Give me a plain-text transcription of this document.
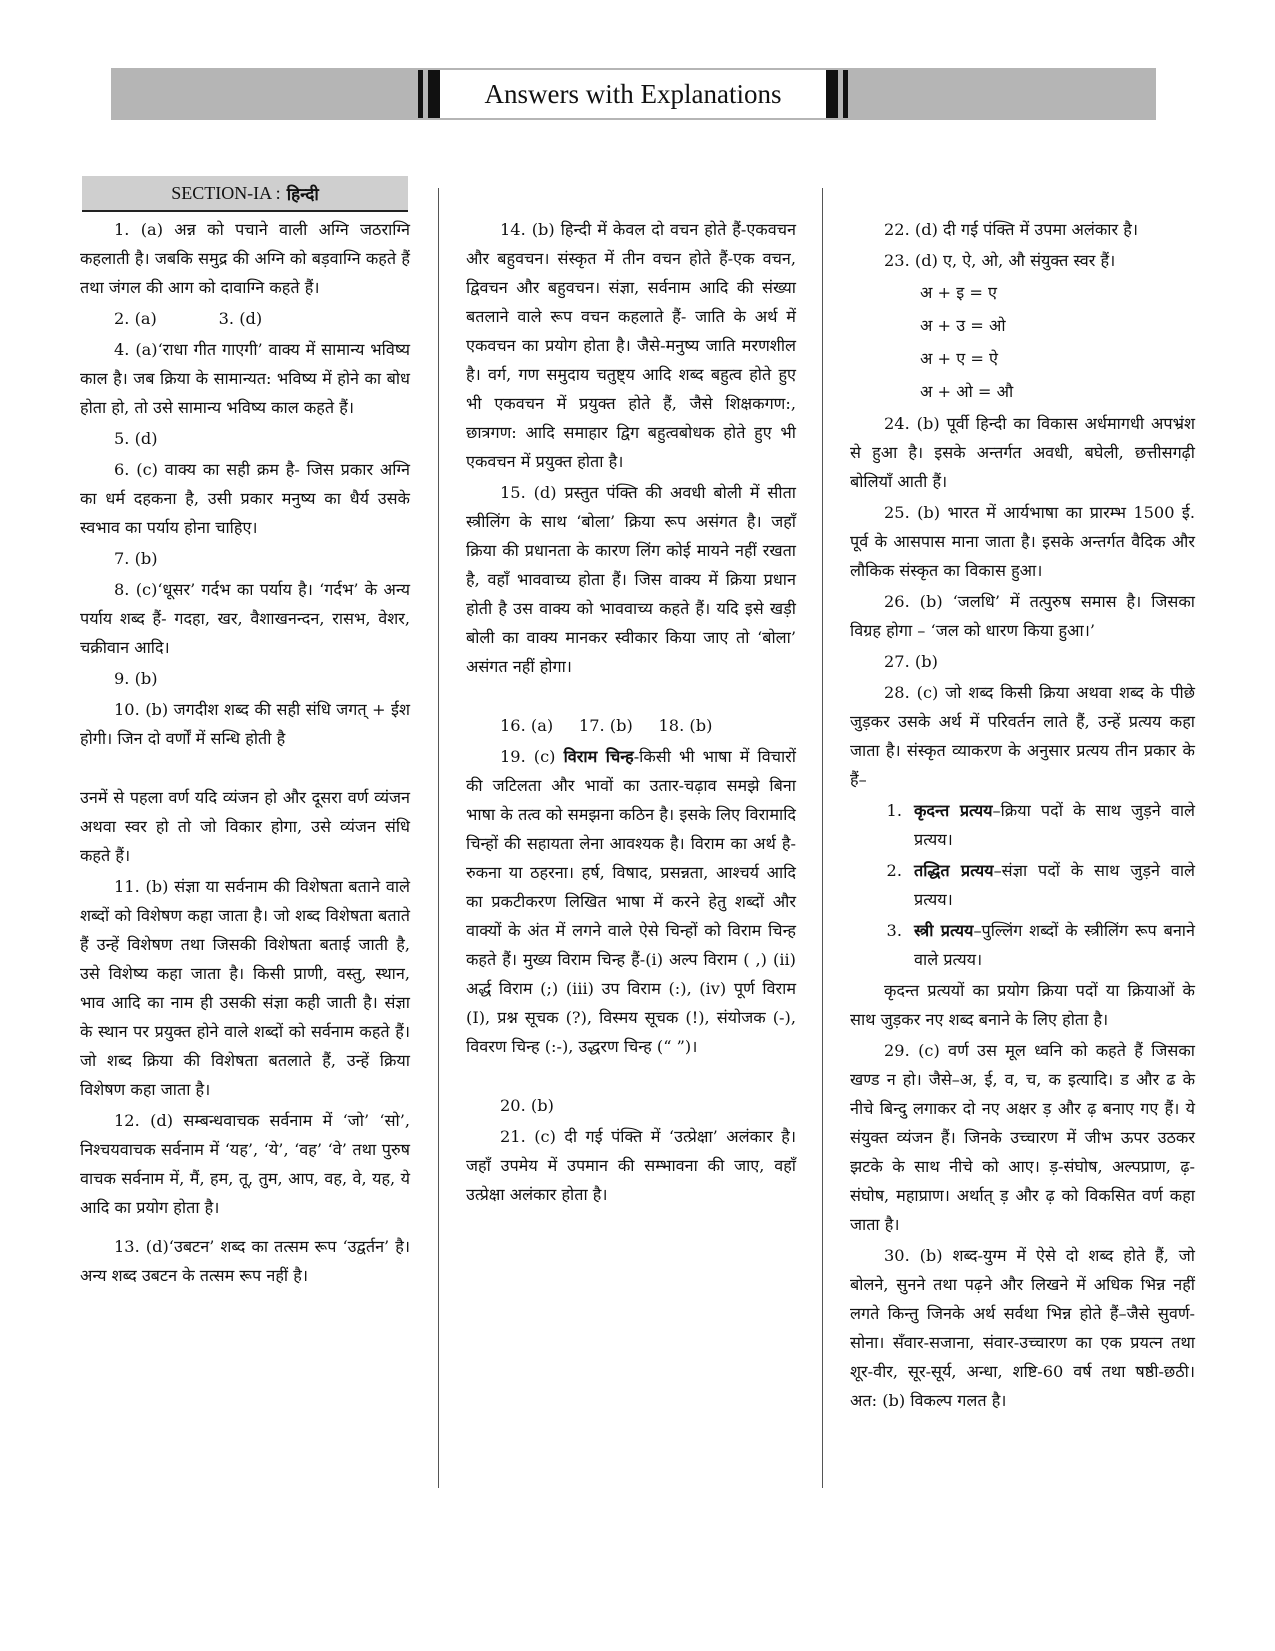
Answers with Explanations
SECTION-IA : हिन्दी

1. (a) अन्न को पचाने वाली अग्नि जठराग्नि कहलाती है। जबकि समुद्र की अग्नि को बड़वाग्नि कहते हैं तथा जंगल की आग को दावाग्नि कहते हैं।

2. (a)            3. (d)

4. (a)‘राधा गीत गाएगी’ वाक्य में सामान्य भविष्य काल है। जब क्रिया के सामान्यत: भविष्य में होने का बोध होता हो, तो उसे सामान्य भविष्य काल कहते हैं।

5. (d)

6. (c) वाक्य का सही क्रम है- जिस प्रकार अग्नि का धर्म दहकना है, उसी प्रकार मनुष्य का धैर्य उसके स्वभाव का पर्याय होना चाहिए।

7. (b)

8. (c)‘धूसर’ गर्दभ का पर्याय है। ‘गर्दभ’ के अन्य पर्याय शब्द हैं- गदहा, खर, वैशाखनन्दन, रासभ, वेशर, चक्रीवान आदि।

9. (b)

10. (b) जगदीश शब्द की सही संधि जगत् + ईश होगी। जिन दो वर्णों में सन्धि होती है

उनमें से पहला वर्ण यदि व्यंजन हो और दूसरा वर्ण व्यंजन अथवा स्वर हो तो जो विकार होगा, उसे व्यंजन संधि कहते हैं।

11. (b) संज्ञा या सर्वनाम की विशेषता बताने वाले शब्दों को विशेषण कहा जाता है। जो शब्द विशेषता बताते हैं उन्हें विशेषण तथा जिसकी विशेषता बताई जाती है, उसे विशेष्य कहा जाता है। किसी प्राणी, वस्तु, स्थान, भाव आदि का नाम ही उसकी संज्ञा कही जाती है। संज्ञा के स्थान पर प्रयुक्त होने वाले शब्दों को सर्वनाम कहते हैं। जो शब्द क्रिया की विशेषता बतलाते हैं, उन्हें क्रिया विशेषण कहा जाता है।

12. (d) सम्बन्धवाचक सर्वनाम में ‘जो’ ‘सो’, निश्चयवाचक सर्वनाम में ‘यह’, ‘ये’, ‘वह’ ‘वे’ तथा पुरुष वाचक सर्वनाम में, मैं, हम, तू, तुम, आप, वह, वे, यह, ये आदि का प्रयोग होता है।

13. (d)‘उबटन’ शब्द का तत्सम रूप ‘उद्वर्तन’ है। अन्य शब्द उबटन के तत्सम रूप नहीं है।

14. (b) हिन्दी में केवल दो वचन होते हैं-एकवचन और बहुवचन। संस्कृत में तीन वचन होते हैं-एक वचन, द्विवचन और बहुवचन। संज्ञा, सर्वनाम आदि की संख्या बतलाने वाले रूप वचन कहलाते हैं- जाति के अर्थ में एकवचन का प्रयोग होता है। जैसे-मनुष्य जाति मरणशील है। वर्ग, गण समुदाय चतुष्ट्य आदि शब्द बहुत्व होते हुए भी एकवचन में प्रयुक्त होते हैं, जैसे शिक्षकगण:, छात्रगण: आदि समाहार द्विग बहुत्वबोधक होते हुए भी एकवचन में प्रयुक्त होता है।

15. (d) प्रस्तुत पंक्ति की अवधी बोली में सीता स्त्रीलिंग के साथ ‘बोला’ क्रिया रूप असंगत है। जहाँ क्रिया की प्रधानता के कारण लिंग कोई मायने नहीं रखता है, वहाँ भाववाच्य होता हैं। जिस वाक्य में क्रिया प्रधान होती है उस वाक्य को भाववाच्य कहते हैं। यदि इसे खड़ी बोली का वाक्य मानकर स्वीकार किया जाए तो ‘बोला’ असंगत नहीं होगा।

16. (a)     17. (b)     18. (b)

19. (c) विराम चिन्ह-किसी भी भाषा में विचारों की जटिलता और भावों का उतार-चढ़ाव समझे बिना भाषा के तत्व को समझना कठिन है। इसके लिए विरामादि चिन्हों की सहायता लेना आवश्यक है। विराम का अर्थ है-रुकना या ठहरना। हर्ष, विषाद, प्रसन्नता, आश्चर्य आदि का प्रकटीकरण लिखित भाषा में करने हेतु शब्दों और वाक्यों के अंत में लगने वाले ऐसे चिन्हों को विराम चिन्ह कहते हैं। मुख्य विराम चिन्ह हैं-(i) अल्प विराम ( ,) (ii) अर्द्ध विराम (;) (iii) उप विराम (:), (iv) पूर्ण विराम (I), प्रश्न सूचक (?), विस्मय सूचक (!), संयोजक (-), विवरण चिन्ह (:-), उद्धरण चिन्ह (“ ”)।

20. (b)

21. (c) दी गई पंक्ति में ‘उत्प्रेक्षा’ अलंकार है। जहाँ उपमेय में उपमान की सम्भावना की जाए, वहाँ उत्प्रेक्षा अलंकार होता है।

22. (d) दी गई पंक्ति में उपमा अलंकार है।

23. (d) ए, ऐ, ओ, औ संयुक्त स्वर हैं।

अ + इ = ए

अ + उ = ओ

अ + ए = ऐ

अ + ओ = औ

24. (b) पूर्वी हिन्दी का विकास अर्धमागधी अपभ्रंश से हुआ है। इसके अन्तर्गत अवधी, बघेली, छत्तीसगढ़ी बोलियाँ आती हैं।

25. (b) भारत में आर्यभाषा का प्रारम्भ 1500 ई. पूर्व के आसपास माना जाता है। इसके अन्तर्गत वैदिक और लौकिक संस्कृत का विकास हुआ।

26. (b) ‘जलधि’ में तत्पुरुष समास है। जिसका विग्रह होगा – ‘जल को धारण किया हुआ।’

27. (b)

28. (c) जो शब्द किसी क्रिया अथवा शब्द के पीछे जुड़कर उसके अर्थ में परिवर्तन लाते हैं, उन्हें प्रत्यय कहा जाता है। संस्कृत व्याकरण के अनुसार प्रत्यय तीन प्रकार के हैं–

1. कृदन्त प्रत्यय–क्रिया पदों के साथ जुड़ने वाले प्रत्यय।
2. तद्धित प्रत्यय–संज्ञा पदों के साथ जुड़ने वाले प्रत्यय।
3. स्त्री प्रत्यय–पुल्लिंग शब्दों के स्त्रीलिंग रूप बनाने वाले प्रत्यय।

कृदन्त प्रत्ययों का प्रयोग क्रिया पदों या क्रियाओं के साथ जुड़कर नए शब्द बनाने के लिए होता है।

29. (c) वर्ण उस मूल ध्वनि को कहते हैं जिसका खण्ड न हो। जैसे–अ, ई, व, च, क इत्यादि। ड और ढ के नीचे बिन्दु लगाकर दो नए अक्षर ड़ और ढ़ बनाए गए हैं। ये संयुक्त व्यंजन हैं। जिनके उच्चारण में जीभ ऊपर उठकर झटके के साथ नीचे को आए। ड़-संघोष, अल्पप्राण, ढ़-संघोष, महाप्राण। अर्थात् ड़ और ढ़ को विकसित वर्ण कहा जाता है।

30. (b) शब्द-युग्म में ऐसे दो शब्द होते हैं, जो बोलने, सुनने तथा पढ़ने और लिखने में अधिक भिन्न नहीं लगते किन्तु जिनके अर्थ सर्वथा भिन्न होते हैं–जैसे सुवर्ण-सोना। सँवार-सजाना, संवार-उच्चारण का एक प्रयत्न तथा शूर-वीर, सूर-सूर्य, अन्धा, शष्टि-60 वर्ष तथा षष्ठी-छठी। अत: (b) विकल्प गलत है।
